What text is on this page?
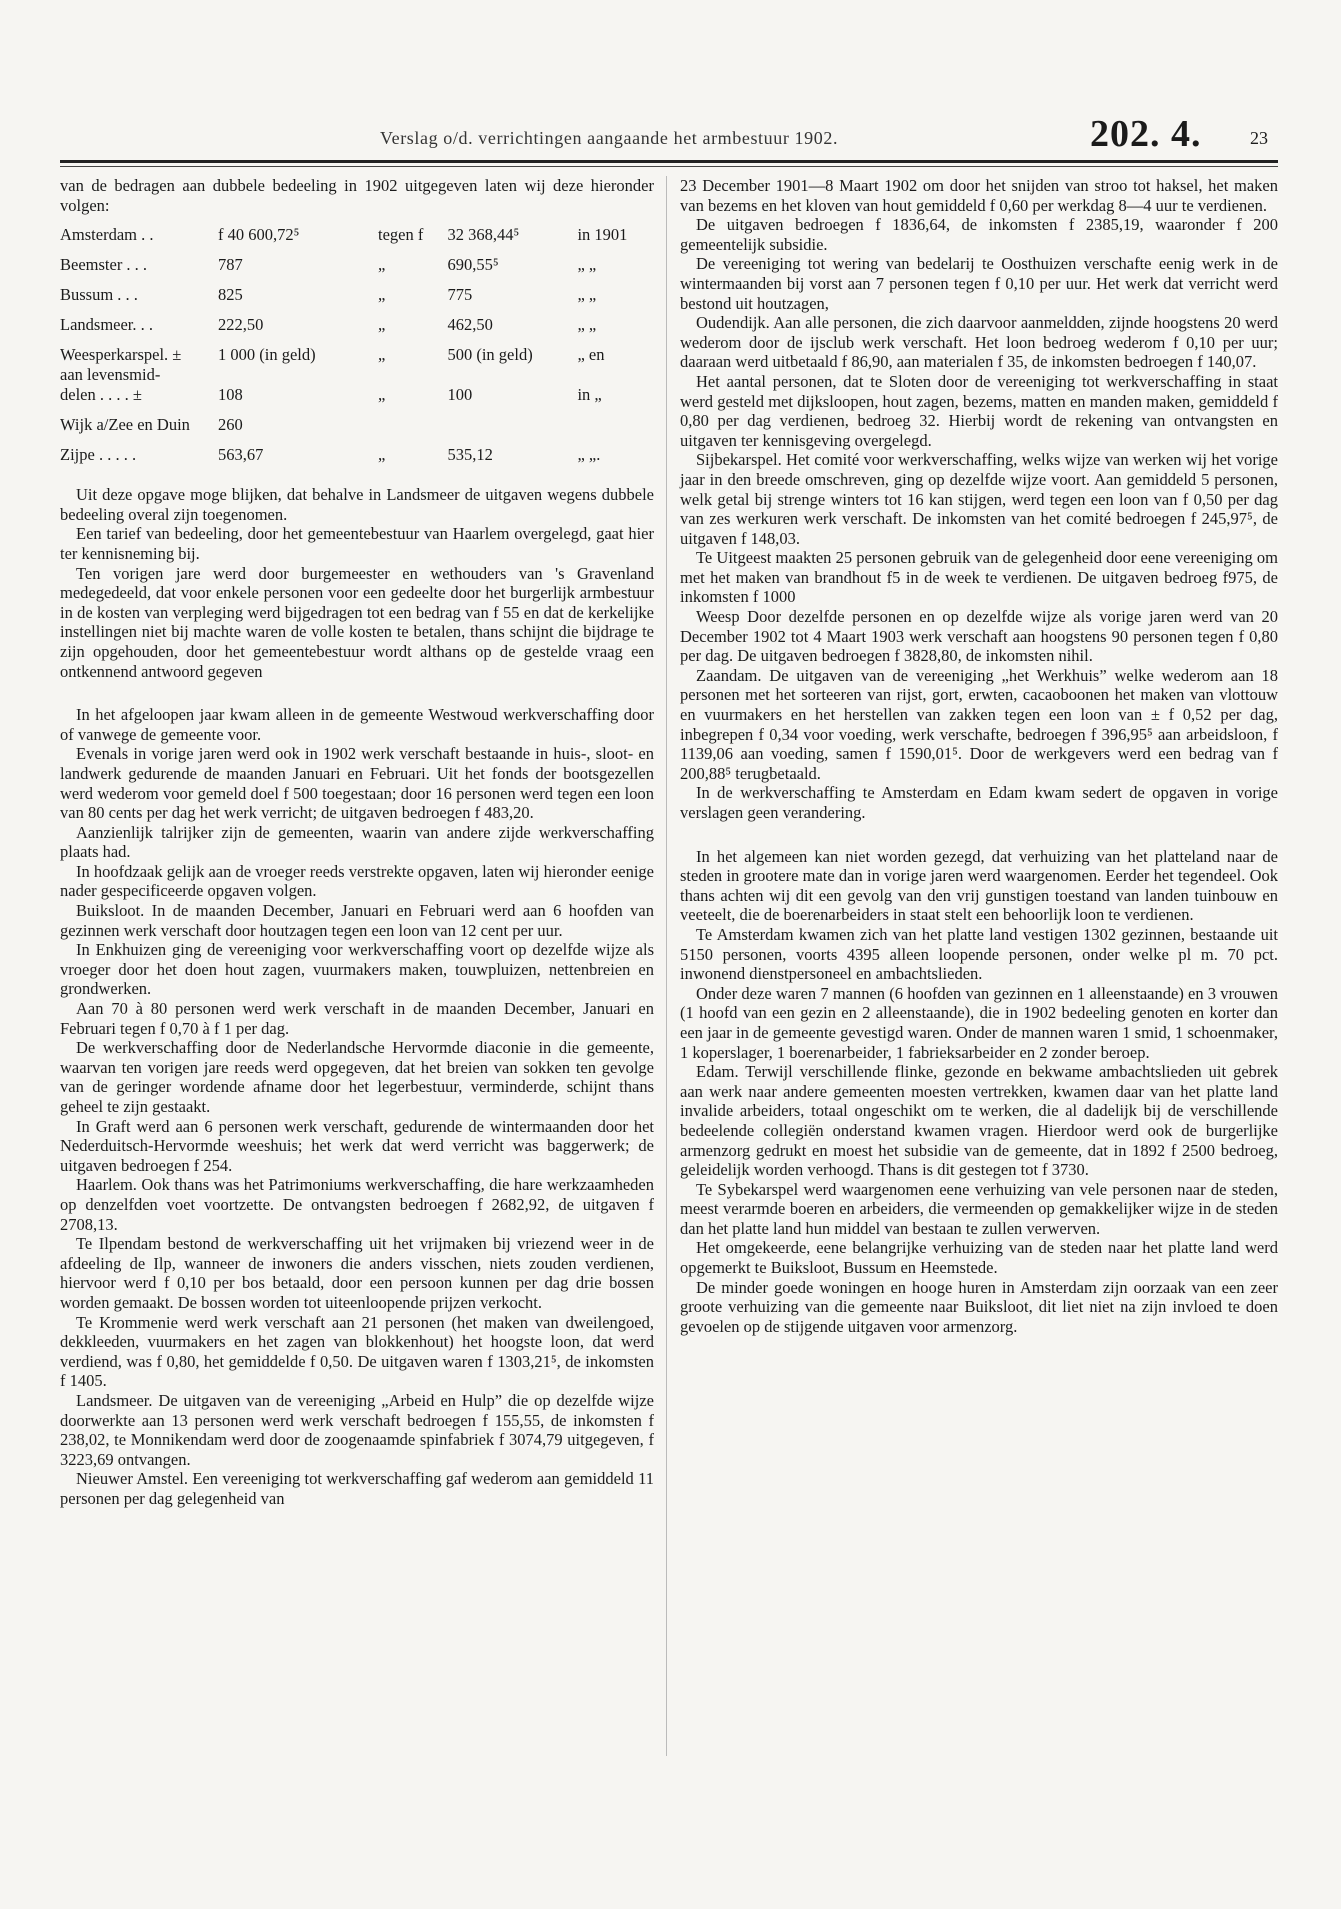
Verslag o/d. verrichtingen aangaande het armbestuur 1902.	202. 4.	23

van de bedragen aan dubbele bedeeling in 1902 uitgegeven laten wij deze hieronder volgen:

Amsterdam . .	f 40 600,72⁵	tegen f	32 368,44⁵	in 1901
Beemster . . .	787	„	690,55⁵	„ „
Bussum . . .	825	„	775	„ „
Landsmeer. . .	222,50	„	462,50	„ „
Weesperkarspel. ±	1 000 (in geld)	„	500 (in geld)	„ en
aan levensmid-				
delen . . . . ±	108	„	100	in „
Wijk a/Zee en Duin	260			
Zijpe . . . . .	563,67	„	535,12	„ „.

Uit deze opgave moge blijken, dat behalve in Landsmeer de uitgaven wegens dubbele bedeeling overal zijn toegenomen.

Een tarief van bedeeling, door het gemeentebestuur van Haarlem overgelegd, gaat hier ter kennisneming bij.

Ten vorigen jare werd door burgemeester en wethouders van 's Gravenland medegedeeld, dat voor enkele personen voor een gedeelte door het burgerlijk armbestuur in de kosten van verpleging werd bijgedragen tot een bedrag van f 55 en dat de kerkelijke instellingen niet bij machte waren de volle kosten te betalen, thans schijnt die bijdrage te zijn opgehouden, door het gemeentebestuur wordt althans op de gestelde vraag een ontkennend antwoord gegeven

In het afgeloopen jaar kwam alleen in de gemeente Westwoud werkverschaffing door of vanwege de gemeente voor.

Evenals in vorige jaren werd ook in 1902 werk verschaft bestaande in huis-, sloot- en landwerk gedurende de maanden Januari en Februari. Uit het fonds der bootsgezellen werd wederom voor gemeld doel f 500 toegestaan; door 16 personen werd tegen een loon van 80 cents per dag het werk verricht; de uitgaven bedroegen f 483,20.

Aanzienlijk talrijker zijn de gemeenten, waarin van andere zijde werkverschaffing plaats had.

In hoofdzaak gelijk aan de vroeger reeds verstrekte opgaven, laten wij hieronder eenige nader gespecificeerde opgaven volgen.

Buiksloot. In de maanden December, Januari en Februari werd aan 6 hoofden van gezinnen werk verschaft door houtzagen tegen een loon van 12 cent per uur.

In Enkhuizen ging de vereeniging voor werkverschaffing voort op dezelfde wijze als vroeger door het doen hout zagen, vuurmakers maken, touwpluizen, nettenbreien en grondwerken.

Aan 70 à 80 personen werd werk verschaft in de maanden December, Januari en Februari tegen f 0,70 à f 1 per dag.

De werkverschaffing door de Nederlandsche Hervormde diaconie in die gemeente, waarvan ten vorigen jare reeds werd opgegeven, dat het breien van sokken ten gevolge van de geringer wordende afname door het legerbestuur, verminderde, schijnt thans geheel te zijn gestaakt.

In Graft werd aan 6 personen werk verschaft, gedurende de wintermaanden door het Nederduitsch-Hervormde weeshuis; het werk dat werd verricht was baggerwerk; de uitgaven bedroegen f 254.

Haarlem. Ook thans was het Patrimoniums werkverschaffing, die hare werkzaamheden op denzelfden voet voortzette. De ontvangsten bedroegen f 2682,92, de uitgaven f 2708,13.

Te Ilpendam bestond de werkverschaffing uit het vrijmaken bij vriezend weer in de afdeeling de Ilp, wanneer de inwoners die anders visschen, niets zouden verdienen, hiervoor werd f 0,10 per bos betaald, door een persoon kunnen per dag drie bossen worden gemaakt. De bossen worden tot uiteenloopende prijzen verkocht.

Te Krommenie werd werk verschaft aan 21 personen (het maken van dweilengoed, dekkleeden, vuurmakers en het zagen van blokkenhout) het hoogste loon, dat werd verdiend, was f 0,80, het gemiddelde f 0,50. De uitgaven waren f 1303,21⁵, de inkomsten f 1405.

Landsmeer. De uitgaven van de vereeniging „Arbeid en Hulp” die op dezelfde wijze doorwerkte aan 13 personen werd werk verschaft bedroegen f 155,55, de inkomsten f 238,02, te Monnikendam werd door de zoogenaamde spinfabriek f 3074,79 uitgegeven, f 3223,69 ontvangen.

Nieuwer Amstel. Een vereeniging tot werkverschaffing gaf wederom aan gemiddeld 11 personen per dag gelegenheid van

23 December 1901—8 Maart 1902 om door het snijden van stroo tot haksel, het maken van bezems en het kloven van hout gemiddeld f 0,60 per werkdag 8—4 uur te verdienen.

De uitgaven bedroegen f 1836,64, de inkomsten f 2385,19, waaronder f 200 gemeentelijk subsidie.

De vereeniging tot wering van bedelarij te Oosthuizen verschafte eenig werk in de wintermaanden bij vorst aan 7 personen tegen f 0,10 per uur. Het werk dat verricht werd bestond uit houtzagen,

Oudendijk. Aan alle personen, die zich daarvoor aanmeldden, zijnde hoogstens 20 werd wederom door de ijsclub werk verschaft. Het loon bedroeg wederom f 0,10 per uur; daaraan werd uitbetaald f 86,90, aan materialen f 35, de inkomsten bedroegen f 140,07.

Het aantal personen, dat te Sloten door de vereeniging tot werkverschaffing in staat werd gesteld met dijksloopen, hout zagen, bezems, matten en manden maken, gemiddeld f 0,80 per dag verdienen, bedroeg 32. Hierbij wordt de rekening van ontvangsten en uitgaven ter kennisgeving overgelegd.

Sijbekarspel. Het comité voor werkverschaffing, welks wijze van werken wij het vorige jaar in den breede omschreven, ging op dezelfde wijze voort. Aan gemiddeld 5 personen, welk getal bij strenge winters tot 16 kan stijgen, werd tegen een loon van f 0,50 per dag van zes werkuren werk verschaft. De inkomsten van het comité bedroegen f 245,97⁵, de uitgaven f 148,03.

Te Uitgeest maakten 25 personen gebruik van de gelegenheid door eene vereeniging om met het maken van brandhout f5 in de week te verdienen. De uitgaven bedroeg f975, de inkomsten f 1000

Weesp Door dezelfde personen en op dezelfde wijze als vorige jaren werd van 20 December 1902 tot 4 Maart 1903 werk verschaft aan hoogstens 90 personen tegen f 0,80 per dag. De uitgaven bedroegen f 3828,80, de inkomsten nihil.

Zaandam. De uitgaven van de vereeniging „het Werkhuis” welke wederom aan 18 personen met het sorteeren van rijst, gort, erwten, cacaoboonen het maken van vlottouw en vuurmakers en het herstellen van zakken tegen een loon van ± f 0,52 per dag, inbegrepen f 0,34 voor voeding, werk verschafte, bedroegen f 396,95⁵ aan arbeidsloon, f 1139,06 aan voeding, samen f 1590,01⁵. Door de werkgevers werd een bedrag van f 200,88⁵ terugbetaald.

In de werkverschaffing te Amsterdam en Edam kwam sedert de opgaven in vorige verslagen geen verandering.

In het algemeen kan niet worden gezegd, dat verhuizing van het platteland naar de steden in grootere mate dan in vorige jaren werd waargenomen. Eerder het tegendeel. Ook thans achten wij dit een gevolg van den vrij gunstigen toestand van landen tuinbouw en veeteelt, die de boerenarbeiders in staat stelt een behoorlijk loon te verdienen.

Te Amsterdam kwamen zich van het platte land vestigen 1302 gezinnen, bestaande uit 5150 personen, voorts 4395 alleen loopende personen, onder welke pl m. 70 pct. inwonend dienstpersoneel en ambachtslieden.

Onder deze waren 7 mannen (6 hoofden van gezinnen en 1 alleenstaande) en 3 vrouwen (1 hoofd van een gezin en 2 alleenstaande), die in 1902 bedeeling genoten en korter dan een jaar in de gemeente gevestigd waren. Onder de mannen waren 1 smid, 1 schoenmaker, 1 koperslager, 1 boerenarbeider, 1 fabrieksarbeider en 2 zonder beroep.

Edam. Terwijl verschillende flinke, gezonde en bekwame ambachtslieden uit gebrek aan werk naar andere gemeenten moesten vertrekken, kwamen daar van het platte land invalide arbeiders, totaal ongeschikt om te werken, die al dadelijk bij de verschillende bedeelende collegiën onderstand kwamen vragen. Hierdoor werd ook de burgerlijke armenzorg gedrukt en moest het subsidie van de gemeente, dat in 1892 f 2500 bedroeg, geleidelijk worden verhoogd. Thans is dit gestegen tot f 3730.

Te Sybekarspel werd waargenomen eene verhuizing van vele personen naar de steden, meest verarmde boeren en arbeiders, die vermeenden op gemakkelijker wijze in de steden dan het platte land hun middel van bestaan te zullen verwerven.

Het omgekeerde, eene belangrijke verhuizing van de steden naar het platte land werd opgemerkt te Buiksloot, Bussum en Heemstede.

De minder goede woningen en hooge huren in Amsterdam zijn oorzaak van een zeer groote verhuizing van die gemeente naar Buiksloot, dit liet niet na zijn invloed te doen gevoelen op de stijgende uitgaven voor armenzorg.
